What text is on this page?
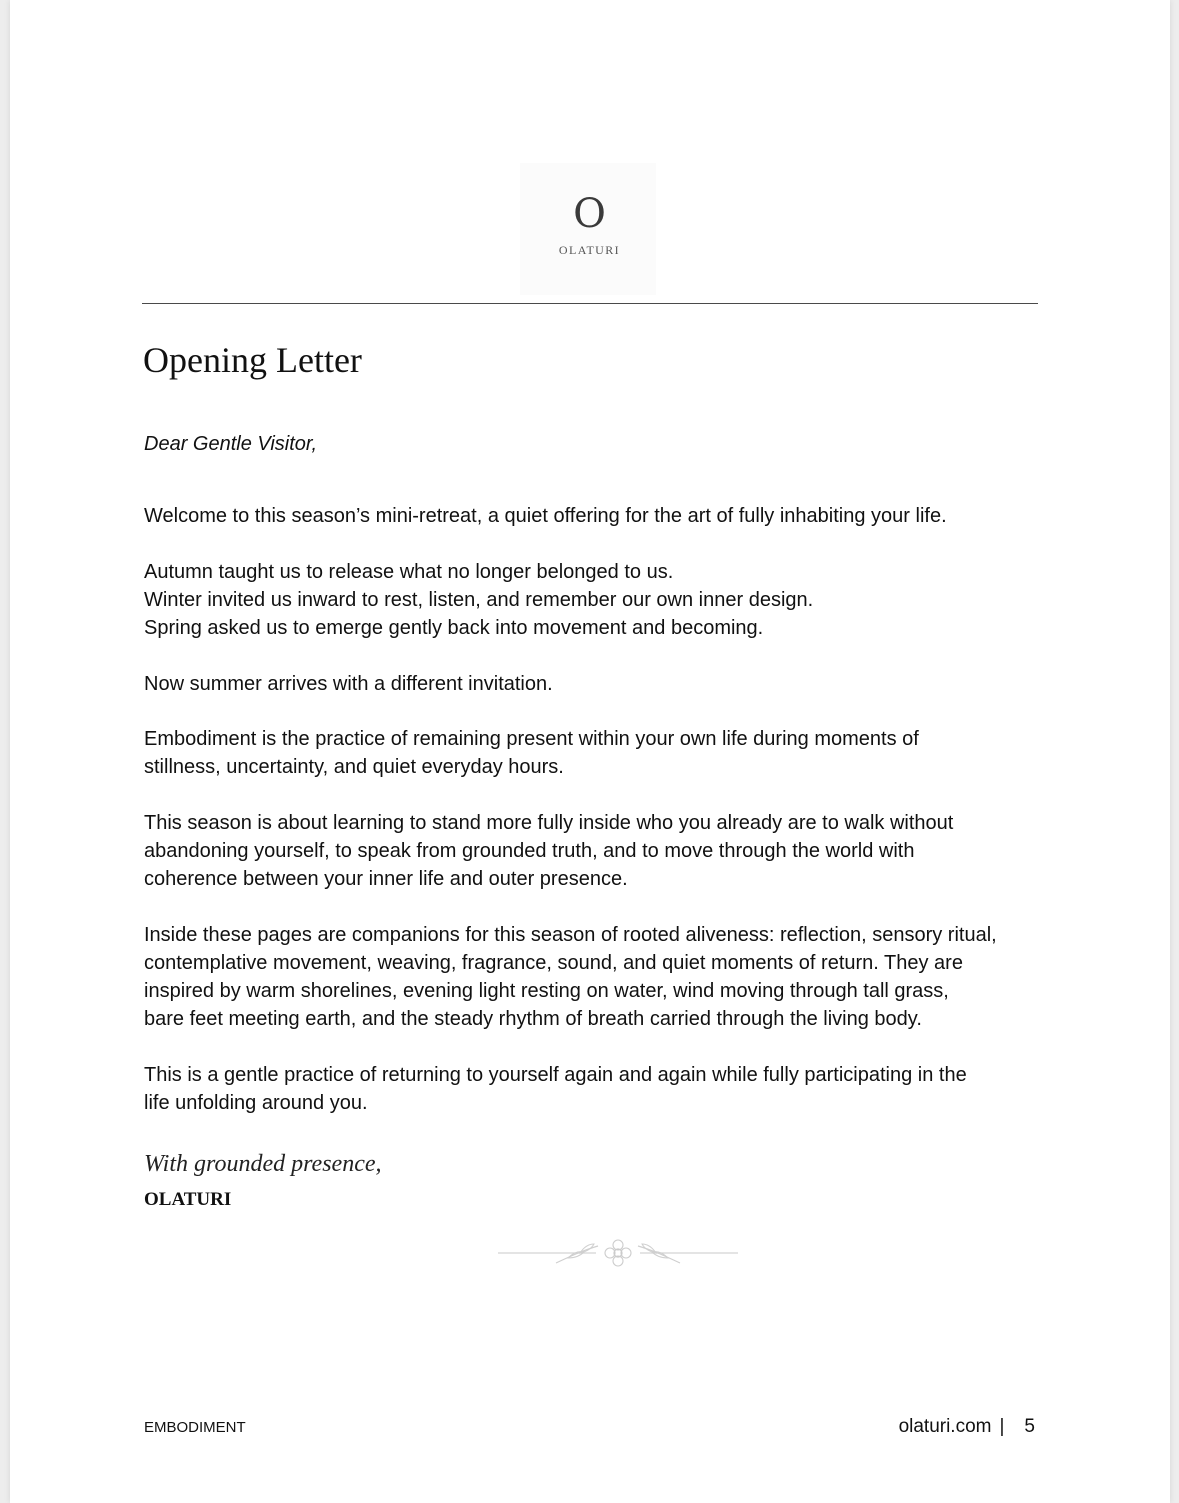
O
OLATURI
Opening Letter
Dear Gentle Visitor,

Welcome to this season’s mini-retreat, a quiet offering for the art of fully inhabiting your life.

Autumn taught us to release what no longer belonged to us.
Winter invited us inward to rest, listen, and remember our own inner design.
Spring asked us to emerge gently back into movement and becoming.

Now summer arrives with a different invitation.

Embodiment is the practice of remaining present within your own life during moments of
stillness, uncertainty, and quiet everyday hours.

This season is about learning to stand more fully inside who you already are to walk without
abandoning yourself, to speak from grounded truth, and to move through the world with
coherence between your inner life and outer presence.

Inside these pages are companions for this season of rooted aliveness: reflection, sensory ritual,
contemplative movement, weaving, fragrance, sound, and quiet moments of return. They are
inspired by warm shorelines, evening light resting on water, wind moving through tall grass,
bare feet meeting earth, and the steady rhythm of breath carried through the living body.

This is a gentle practice of returning to yourself again and again while fully participating in the
life unfolding around you.

With grounded presence,
OLATURI
EMBODIMENT	olaturi.com | 5
